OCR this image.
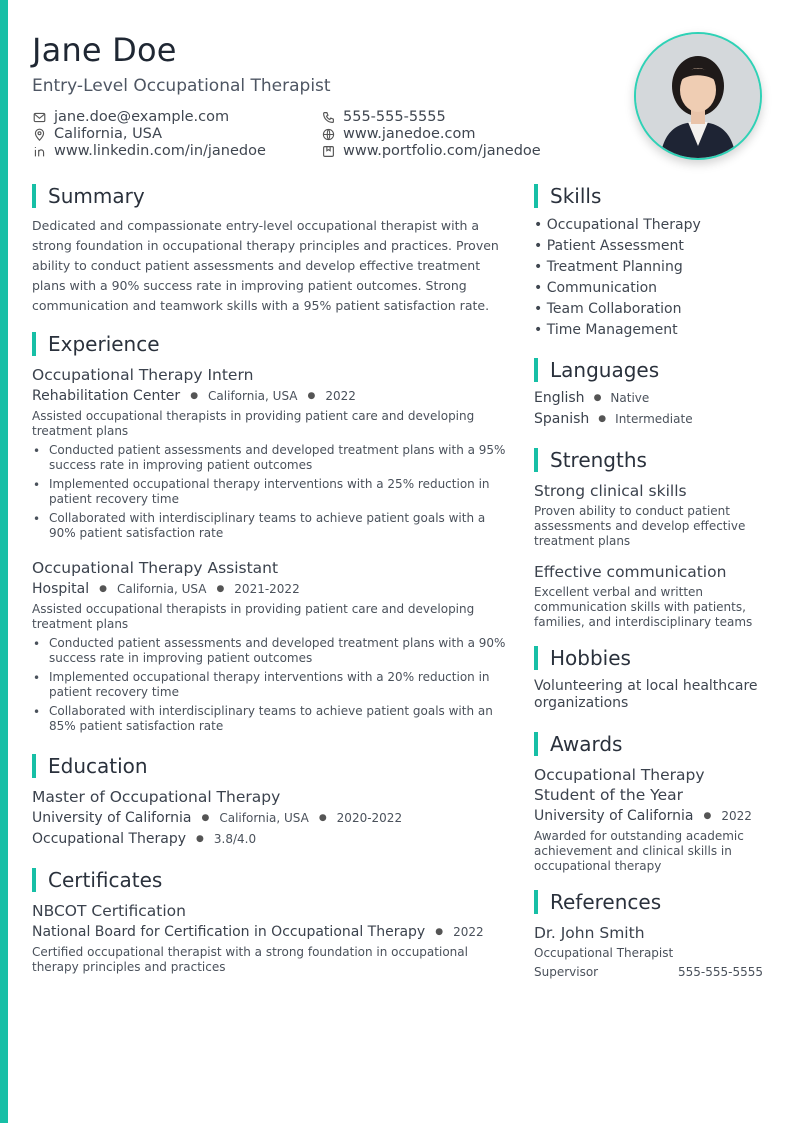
Jane Doe
Entry-Level Occupational Therapist
jane.doe@example.com	555-555-5555
California, USA	www.janedoe.com
www.linkedin.com/in/janedoe	www.portfolio.com/janedoe
Summary
Dedicated and compassionate entry-level occupational therapist with a strong foundation in occupational therapy principles and practices. Proven ability to conduct patient assessments and develop effective treatment plans with a 90% success rate in improving patient outcomes. Strong communication and teamwork skills with a 95% patient satisfaction rate.
Experience
Occupational Therapy Intern
Rehabilitation Center ● California, USA ● 2022
Assisted occupational therapists in providing patient care and developing treatment plans
• Conducted patient assessments and developed treatment plans with a 95% success rate in improving patient outcomes
• Implemented occupational therapy interventions with a 25% reduction in patient recovery time
• Collaborated with interdisciplinary teams to achieve patient goals with a 90% patient satisfaction rate
Occupational Therapy Assistant
Hospital ● California, USA ● 2021-2022
Assisted occupational therapists in providing patient care and developing treatment plans
• Conducted patient assessments and developed treatment plans with a 90% success rate in improving patient outcomes
• Implemented occupational therapy interventions with a 20% reduction in patient recovery time
• Collaborated with interdisciplinary teams to achieve patient goals with an 85% patient satisfaction rate
Education
Master of Occupational Therapy
University of California ● California, USA ● 2020-2022
Occupational Therapy ● 3.8/4.0
Certificates
NBCOT Certification
National Board for Certification in Occupational Therapy ● 2022
Certified occupational therapist with a strong foundation in occupational therapy principles and practices
Skills
• Occupational Therapy
• Patient Assessment
• Treatment Planning
• Communication
• Team Collaboration
• Time Management
Languages
English ● Native
Spanish ● Intermediate
Strengths
Strong clinical skills
Proven ability to conduct patient assessments and develop effective treatment plans
Effective communication
Excellent verbal and written communication skills with patients, families, and interdisciplinary teams
Hobbies
Volunteering at local healthcare organizations
Awards
Occupational Therapy Student of the Year
University of California ● 2022
Awarded for outstanding academic achievement and clinical skills in occupational therapy
References
Dr. John Smith
Occupational Therapist
Supervisor	555-555-5555
